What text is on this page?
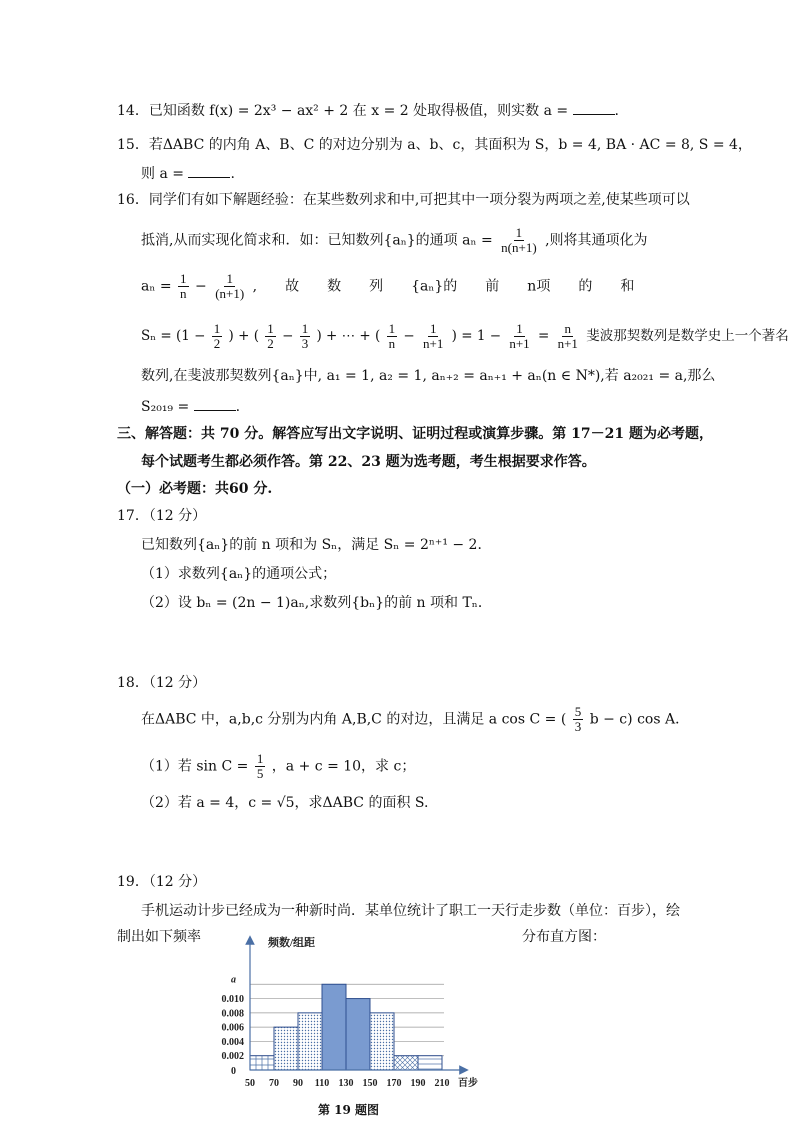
14．已知函数 f(x) = 2x³ − ax² + 2 在 x = 2 处取得极值，则实数 a =	.
15．若ΔABC 的内角 A、B、C 的对边分别为 a、b、c，其面积为 S，b = 4, BA · AC = 8, S = 4，
则 a =	.
16．同学们有如下解题经验：在某些数列求和中,可把其中一项分裂为两项之差,使某些项可以
抵消,从而实现化简求和．如：已知数列{aₙ}的通项 $a_n = \frac{1}{n(n+1)}$ ,则将其通项化为
$a_n = \frac{1}{n} - \frac{1}{(n+1)}$ ,　　故　　数　　列　　{aₙ}的　　前　　n项　　的　　和
$S_n = (1 - \frac{1}{2}$ ) + ( $\frac{1}{2} - \frac{1}{3}$ ) + ⋯ + ( $\frac{1}{n} - \frac{1}{n+1}$ ) = $1 - \frac{1}{n+1} = \frac{n}{n+1}$ 斐波那契数列是数学史上一个著名
数列,在斐波那契数列{aₙ}中, a₁ = 1, a₂ = 1, aₙ₊₂ = aₙ₊₁ + aₙ(n ∈ N*),若 a₂₀₂₁ = a,那么
S₂₀₁₉ =	.
三、解答题：共 70 分。解答应写出文字说明、证明过程或演算步骤。第 17－21 题为必考题，
每个试题考生都必须作答。第 22、23 题为选考题，考生根据要求作答。
（一）必考题：共60 分.
17．（12 分）
已知数列{aₙ}的前 n 项和为 Sₙ，满足 Sₙ = 2ⁿ⁺¹ − 2．
（1）求数列{aₙ}的通项公式；
（2）设 bₙ = (2n − 1)aₙ,求数列{bₙ}的前 n 项和 Tₙ．
18．（12 分）
在ΔABC 中，a,b,c 分别为内角 A,B,C 的对边，且满足 a cos C = ( $\frac{5}{3}$ b − c) cos A．
（1）若 $\sin C = \frac{1}{5}$ ，a + c = 10，求 c；
（2）若 a = 4，c = √5，求ΔABC 的面积 S.
19．（12 分）
手机运动计步已经成为一种新时尚．某单位统计了职工一天行走步数（单位：百步），绘
制出如下频率	分布直方图：
0
0.002
0.004
0.006
0.008
0.010
a
50 70 90 110 130 150 170 190 210 百步
频数/组距
第 19 题图
